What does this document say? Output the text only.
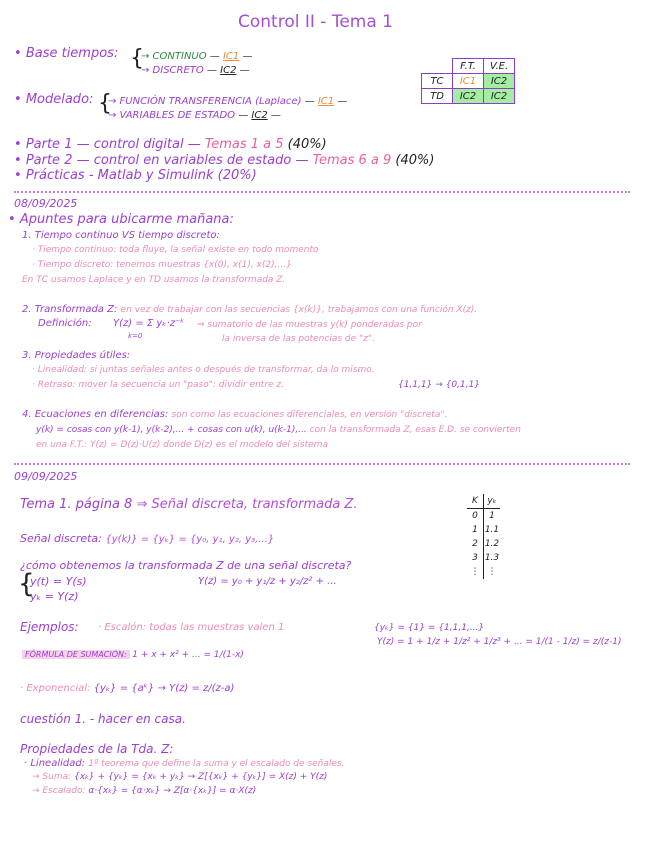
Control II - Tema 1
• Base tiempos: {
→ CONTINUO — IC1 —
→ DISCRETO — IC2 —
		F.T.	V.E.
TC	IC1	IC2
TD	IC2	IC2
• Modelado: {
→ FUNCIÓN TRANSFERENCIA (Laplace) — IC1 —
→ VARIABLES DE ESTADO — IC2 —
• Parte 1 — control digital — Temas 1 a 5 (40%)
• Parte 2 — control en variables de estado — Temas 6 a 9 (40%)
• Prácticas - Matlab y Simulink (20%)
08/09/2025
• Apuntes para ubicarme mañana:
1. Tiempo continuo VS tiempo discreto:
· Tiempo continuo: toda fluye, la señal existe en todo momento
· Tiempo discreto: tenemos muestras {x(0), x(1), x(2),...}
En TC usamos Laplace y en TD usamos la transformada Z.
2. Transformada Z: en vez de trabajar con las secuencias {x(k)}, trabajamos con una función X(z).
Definición: Y(z) = Σ yₖ·z⁻ᵏ
k=0
⇒ sumatorio de las muestras y(k) ponderadas por
la inversa de las potencias de "z".
3. Propiedades útiles:
· Linealidad: si juntas señales antes o después de transformar, da lo mismo.
· Retraso: mover la secuencia un "paso": dividir entre z.	{1,1,1} → {0,1,1}
4. Ecuaciones en diferencias: son como las ecuaciones diferenciales, en versión "discreta".
y(k) = cosas con y(k-1), y(k-2),... + cosas con u(k), u(k-1),... con la transformada Z, esas E.D. se convierten
en una F.T.: Y(z) = D(z)·U(z) donde D(z) es el modelo del sistema
09/09/2025
Tema 1. página 8 ⇒ Señal discreta, transformada Z.	K	yₖ
0	1
1	1.1
2	1.2
3	1.3
⋮	⋮
Señal discreta: {y(k)} = {yₖ} = {y₀, y₁, y₂, y₃,...}
¿cómo obtenemos la transformada Z de una señal discreta?
{
y(t) = Y(s)
yₖ = Y(z)
Y(z) = y₀ + y₁/z + y₂/z² + ...
Ejemplos: · Escalón: todas las muestras valen 1	{yₖ} = {1} = {1,1,1,...}
Y(z) = 1 + 1/z + 1/z² + 1/z³ + ... = 1/(1 - 1/z) = z/(z-1)
FÓRMULA DE SUMACIÓN: 1 + x + x² + ... = 1/(1-x)
· Exponencial: {yₖ} = {aᵏ} → Y(z) = z/(z-a)
cuestión 1. - hacer en casa.
Propiedades de la Tda. Z:
· Linealidad: 1º teorema que define la suma y el escalado de señales.
→ Suma: {xₖ} + {yₖ} = {xₖ + yₖ} → Z[{xₖ} + {yₖ}] = X(z) + Y(z)
→ Escalado: α·{xₖ} = {α·xₖ} → Z[α·{xₖ}] = α·X(z)
